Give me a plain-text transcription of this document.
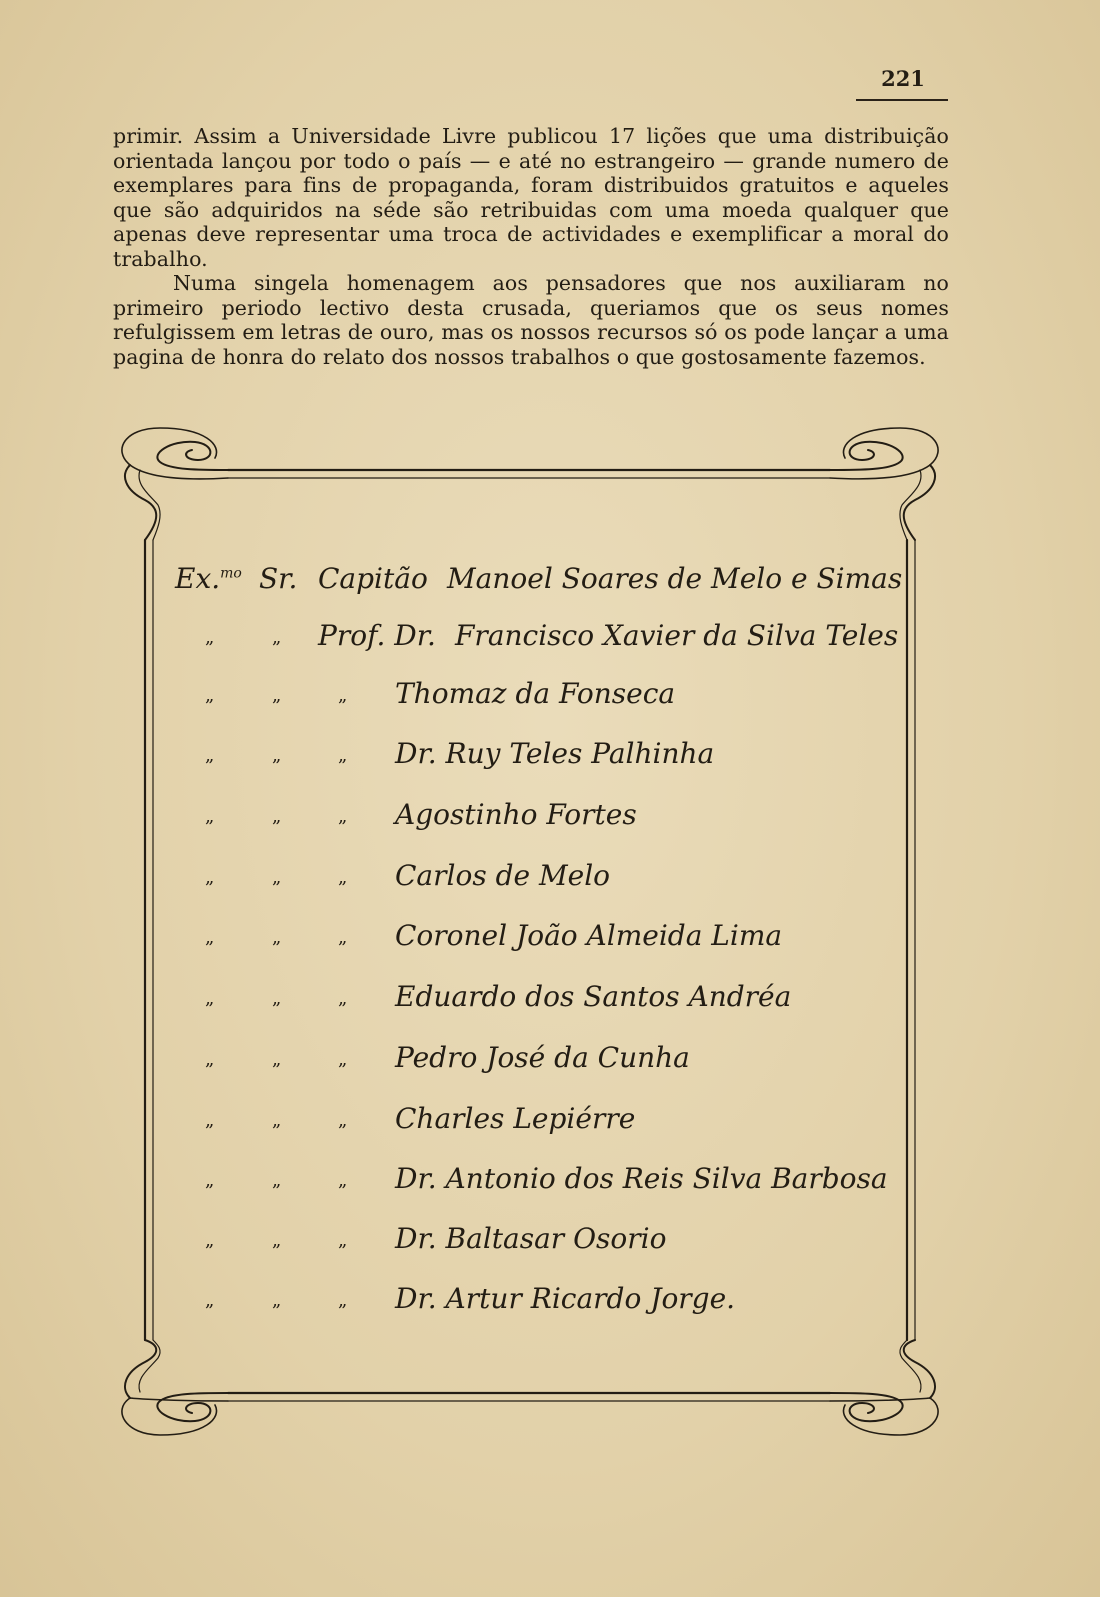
221

primir. Assim a Universidade Livre publicou 17 lições que uma distribuição orientada lançou por todo o país — e até no estrangeiro — grande numero de exemplares para fins de propaganda, foram distribuidos gratuitos e aqueles que são adquiridos na séde são retribuidas com uma moeda qualquer que apenas deve representar uma troca de actividades e exemplificar a moral do trabalho.

Numa singela homenagem aos pensadores que nos auxiliaram no primeiro periodo lectivo desta crusada, queriamos que os seus nomes refulgissem em letras de ouro, mas os nossos recursos só os pode lançar a uma pagina de honra do relato dos nossos trabalhos o que gostosamente fazemos.

Ex.$^{mo}$ Sr. Capitão Manoel Soares de Melo e Simas
„	„ Prof. Dr. Francisco Xavier da Silva Teles
„	„	„ Thomaz da Fonseca
„	„	„ Dr. Ruy Teles Palhinha
„	„	„ Agostinho Fortes
„	„	„ Carlos de Melo
„	„	„ Coronel João Almeida Lima
„	„	„ Eduardo dos Santos Andréa
„	„	„ Pedro José da Cunha
„	„	„ Charles Lepiérre
„	„	„ Dr. Antonio dos Reis Silva Barbosa
„	„	„ Dr. Baltasar Osorio
„	„	„ Dr. Artur Ricardo Jorge.
